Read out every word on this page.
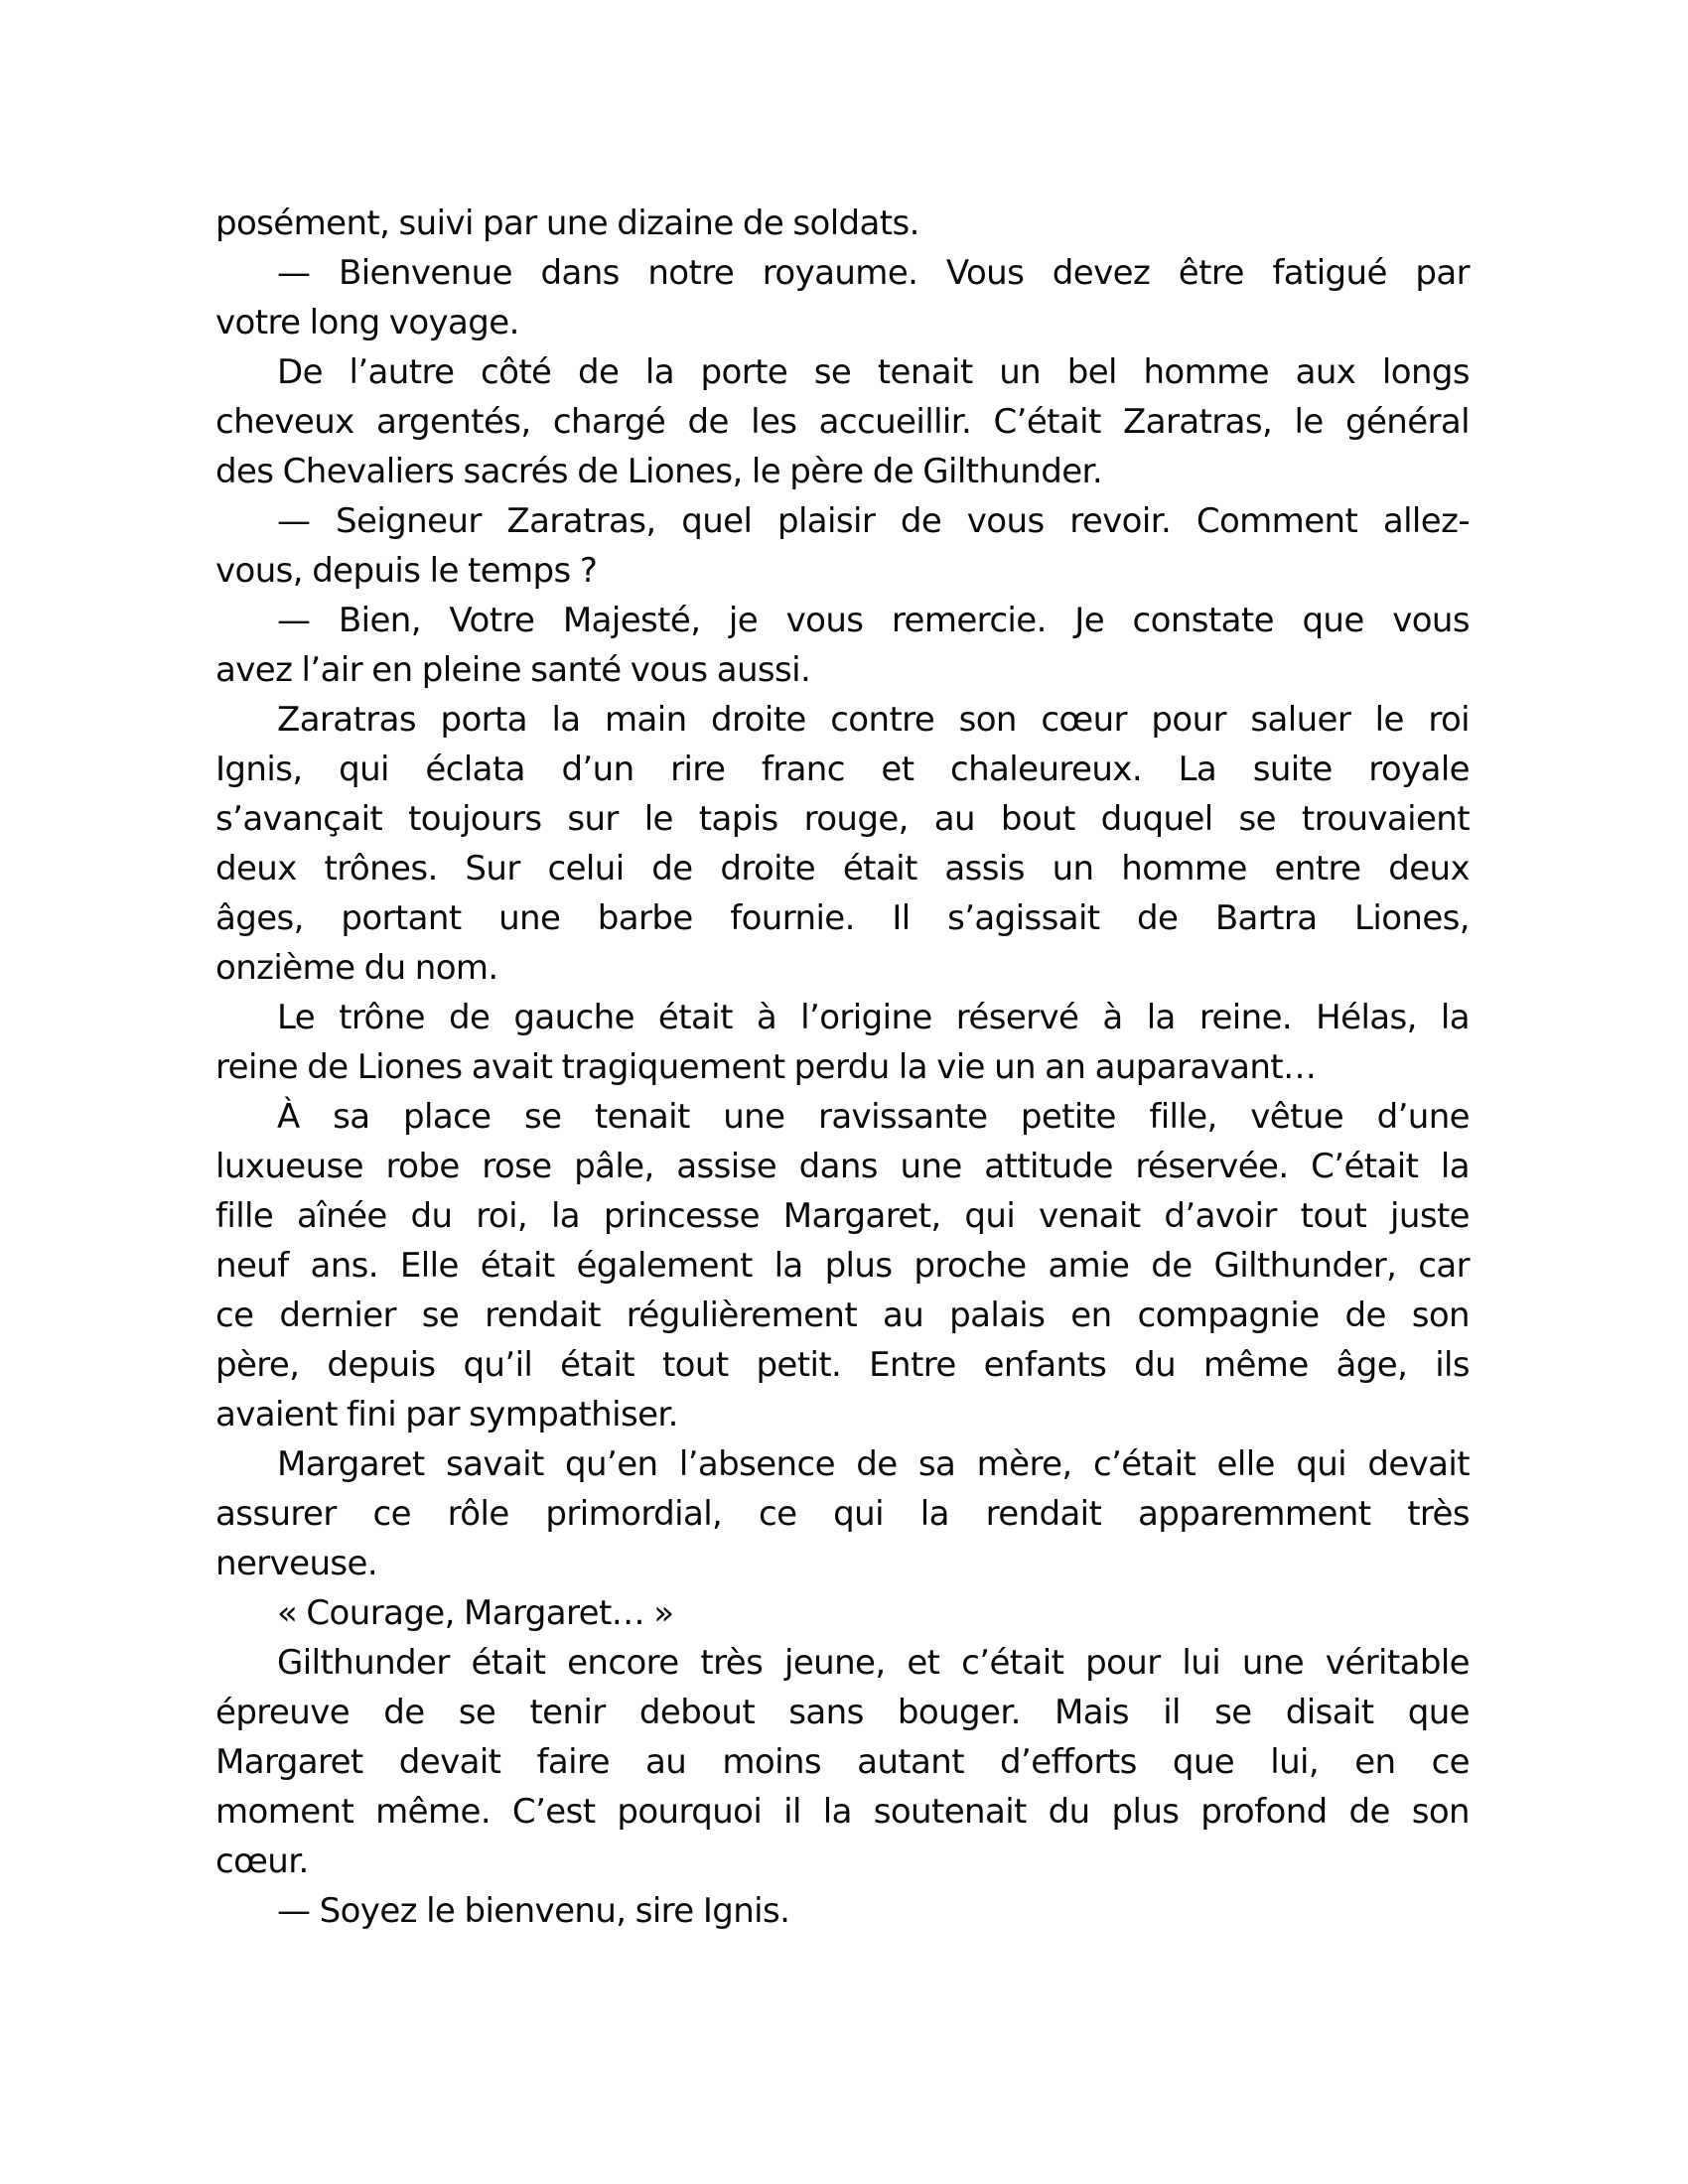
posément, suivi par une dizaine de soldats.
— Bienvenue dans notre royaume. Vous devez être fatigué par
votre long voyage.
De l’autre côté de la porte se tenait un bel homme aux longs
cheveux argentés, chargé de les accueillir. C’était Zaratras, le général
des Chevaliers sacrés de Liones, le père de Gilthunder.
— Seigneur Zaratras, quel plaisir de vous revoir. Comment allez-
vous, depuis le temps ?
— Bien, Votre Majesté, je vous remercie. Je constate que vous
avez l’air en pleine santé vous aussi.
Zaratras porta la main droite contre son cœur pour saluer le roi
Ignis, qui éclata d’un rire franc et chaleureux. La suite royale
s’avançait toujours sur le tapis rouge, au bout duquel se trouvaient
deux trônes. Sur celui de droite était assis un homme entre deux
âges, portant une barbe fournie. Il s’agissait de Bartra Liones,
onzième du nom.
Le trône de gauche était à l’origine réservé à la reine. Hélas, la
reine de Liones avait tragiquement perdu la vie un an auparavant…
À sa place se tenait une ravissante petite fille, vêtue d’une
luxueuse robe rose pâle, assise dans une attitude réservée. C’était la
fille aînée du roi, la princesse Margaret, qui venait d’avoir tout juste
neuf ans. Elle était également la plus proche amie de Gilthunder, car
ce dernier se rendait régulièrement au palais en compagnie de son
père, depuis qu’il était tout petit. Entre enfants du même âge, ils
avaient fini par sympathiser.
Margaret savait qu’en l’absence de sa mère, c’était elle qui devait
assurer ce rôle primordial, ce qui la rendait apparemment très
nerveuse.
« Courage, Margaret… »
Gilthunder était encore très jeune, et c’était pour lui une véritable
épreuve de se tenir debout sans bouger. Mais il se disait que
Margaret devait faire au moins autant d’efforts que lui, en ce
moment même. C’est pourquoi il la soutenait du plus profond de son
cœur.
— Soyez le bienvenu, sire Ignis.
